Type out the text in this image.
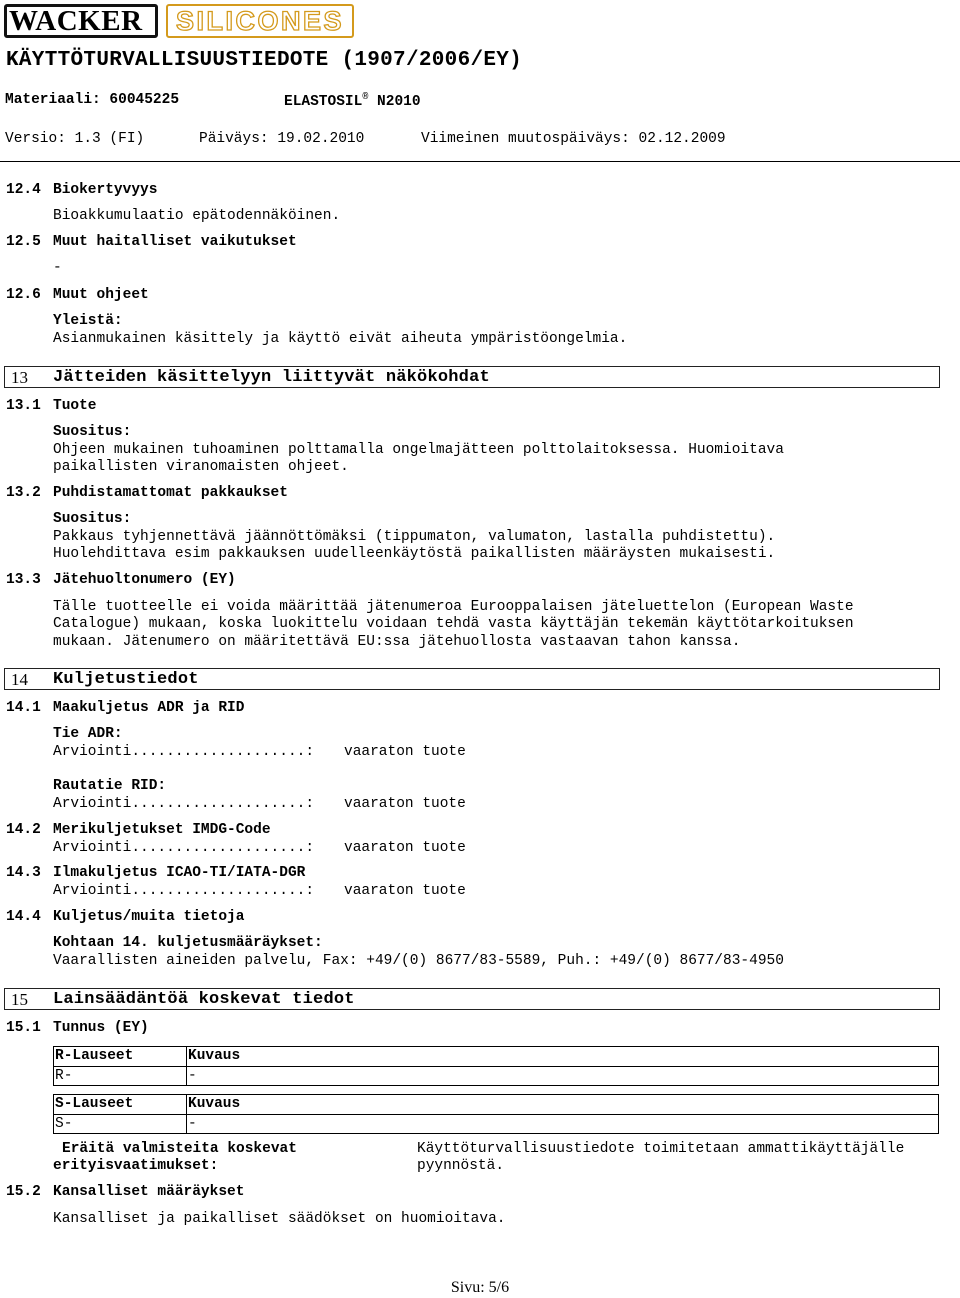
WACKER	SILICONES
KÄYTTÖTURVALLISUUSTIEDOTE (1907/2006/EY)
Materiaali: 60045225	ELASTOSIL® N2010
Versio: 1.3 (FI)	Päiväys: 19.02.2010	Viimeinen muutospäiväys: 02.12.2009
12.4 Biokertyvyys
Bioakkumulaatio epätodennäköinen.
12.5 Muut haitalliset vaikutukset
-
12.6 Muut ohjeet
Yleistä:
Asianmukainen käsittely ja käyttö eivät aiheuta ympäristöongelmia.
13 Jätteiden käsittelyyn liittyvät näkökohdat
13.1 Tuote
Suositus:
Ohjeen mukainen tuhoaminen polttamalla ongelmajätteen polttolaitoksessa. Huomioitava
paikallisten viranomaisten ohjeet.
13.2 Puhdistamattomat pakkaukset
Suositus:
Pakkaus tyhjennettävä jäännöttömäksi (tippumaton, valumaton, lastalla puhdistettu).
Huolehdittava esim pakkauksen uudelleenkäytöstä paikallisten määräysten mukaisesti.
13.3 Jätehuoltonumero (EY)
Tälle tuotteelle ei voida määrittää jätenumeroa Eurooppalaisen jäteluettelon (European Waste
Catalogue) mukaan, koska luokittelu voidaan tehdä vasta käyttäjän tekemän käyttötarkoituksen
mukaan. Jätenumero on määritettävä EU:ssa jätehuollosta vastaavan tahon kanssa.
14 Kuljetustiedot
14.1 Maakuljetus ADR ja RID
Tie ADR:
Arviointi....................: vaaraton tuote
Rautatie RID:
Arviointi....................: vaaraton tuote
14.2 Merikuljetukset IMDG-Code
Arviointi....................: vaaraton tuote
14.3 Ilmakuljetus ICAO-TI/IATA-DGR
Arviointi....................: vaaraton tuote
14.4 Kuljetus/muita tietoja
Kohtaan 14. kuljetusmääräykset:
Vaarallisten aineiden palvelu, Fax: +49/(0) 8677/83-5589, Puh.: +49/(0) 8677/83-4950
15 Lainsäädäntöä koskevat tiedot
15.1 Tunnus (EY)
R-Lauseet	Kuvaus
R-	-
S-Lauseet	Kuvaus
S-	-
Eräitä valmisteita koskevat
erityisvaatimukset:
Käyttöturvallisuustiedote toimitetaan ammattikäyttäjälle
pyynnöstä.
15.2 Kansalliset määräykset
Kansalliset ja paikalliset säädökset on huomioitava.
Sivu: 5/6
